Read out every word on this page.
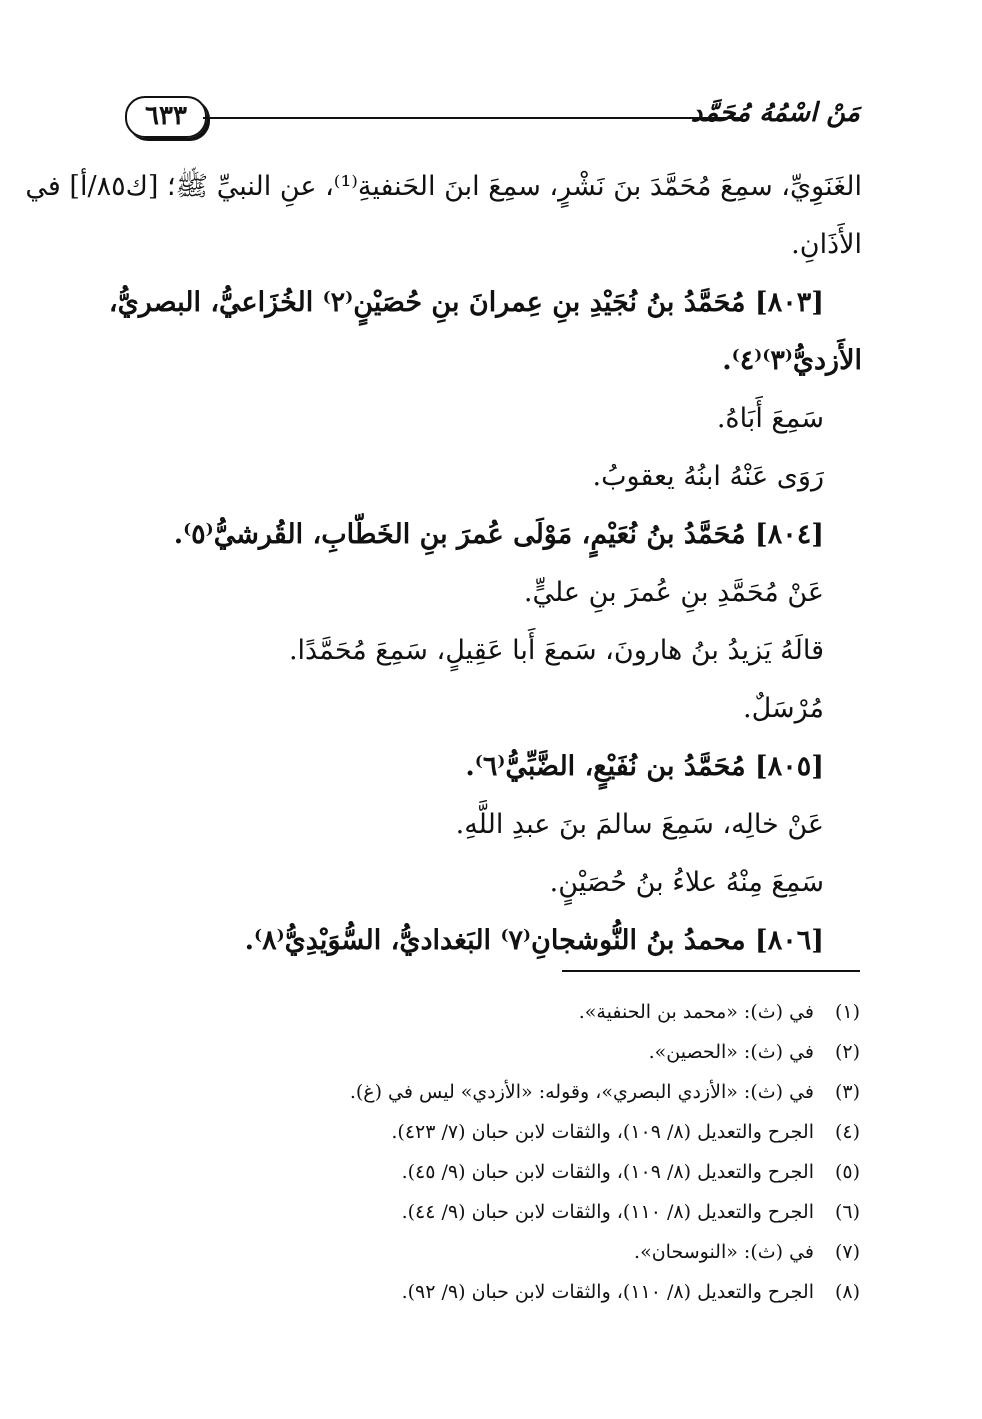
مَنْ اسْمُهُ مُحَمَّد
٦٣٣
الغَنَوِيِّ، سمِعَ مُحَمَّدَ بنَ نَشْرٍ، سمِعَ ابنَ الحَنفيةِ⁽¹⁾، عنِ النبيِّ ﷺ؛ [ك٨٥/أ] في
الأَذَانِ.
[٨٠٣] مُحَمَّدُ بنُ نُجَيْدِ بنِ عِمرانَ بنِ حُصَيْنٍ⁽٢⁾ الخُزَاعيُّ، البصريُّ،
الأَزديُّ⁽٣⁾⁽٤⁾.
سَمِعَ أَبَاهُ.
رَوَى عَنْهُ ابنُهُ يعقوبُ.
[٨٠٤] مُحَمَّدُ بنُ نُعَيْمٍ، مَوْلَى عُمرَ بنِ الخَطّابِ، القُرشيُّ⁽٥⁾.
عَنْ مُحَمَّدِ بنِ عُمرَ بنِ عليٍّ.
قالَهُ يَزيدُ بنُ هارونَ، سَمعَ أَبا عَقِيلٍ، سَمِعَ مُحَمَّدًا.
مُرْسَلٌ.
[٨٠٥] مُحَمَّدُ بن نُفَيْعٍ، الضَّبِّيُّ⁽٦⁾.
عَنْ خالِه، سَمِعَ سالمَ بنَ عبدِ اللَّهِ.
سَمِعَ مِنْهُ علاءُ بنُ حُصَيْنٍ.
[٨٠٦] محمدُ بنُ النُّوشجانِ⁽٧⁾ البَغداديُّ، السُّوَيْدِيُّ⁽٨⁾.
(١)في (ث): «محمد بن الحنفية».
(٢)في (ث): «الحصين».
(٣)في (ث): «الأزدي البصري»، وقوله: «الأزدي» ليس في (غ).
(٤)الجرح والتعديل (٨/ ١٠٩)، والثقات لابن حبان (٧/ ٤٢٣).
(٥)الجرح والتعديل (٨/ ١٠٩)، والثقات لابن حبان (٩/ ٤٥).
(٦)الجرح والتعديل (٨/ ١١٠)، والثقات لابن حبان (٩/ ٤٤).
(٧)في (ث): «النوسحان».
(٨)الجرح والتعديل (٨/ ١١٠)، والثقات لابن حبان (٩/ ٩٢).
